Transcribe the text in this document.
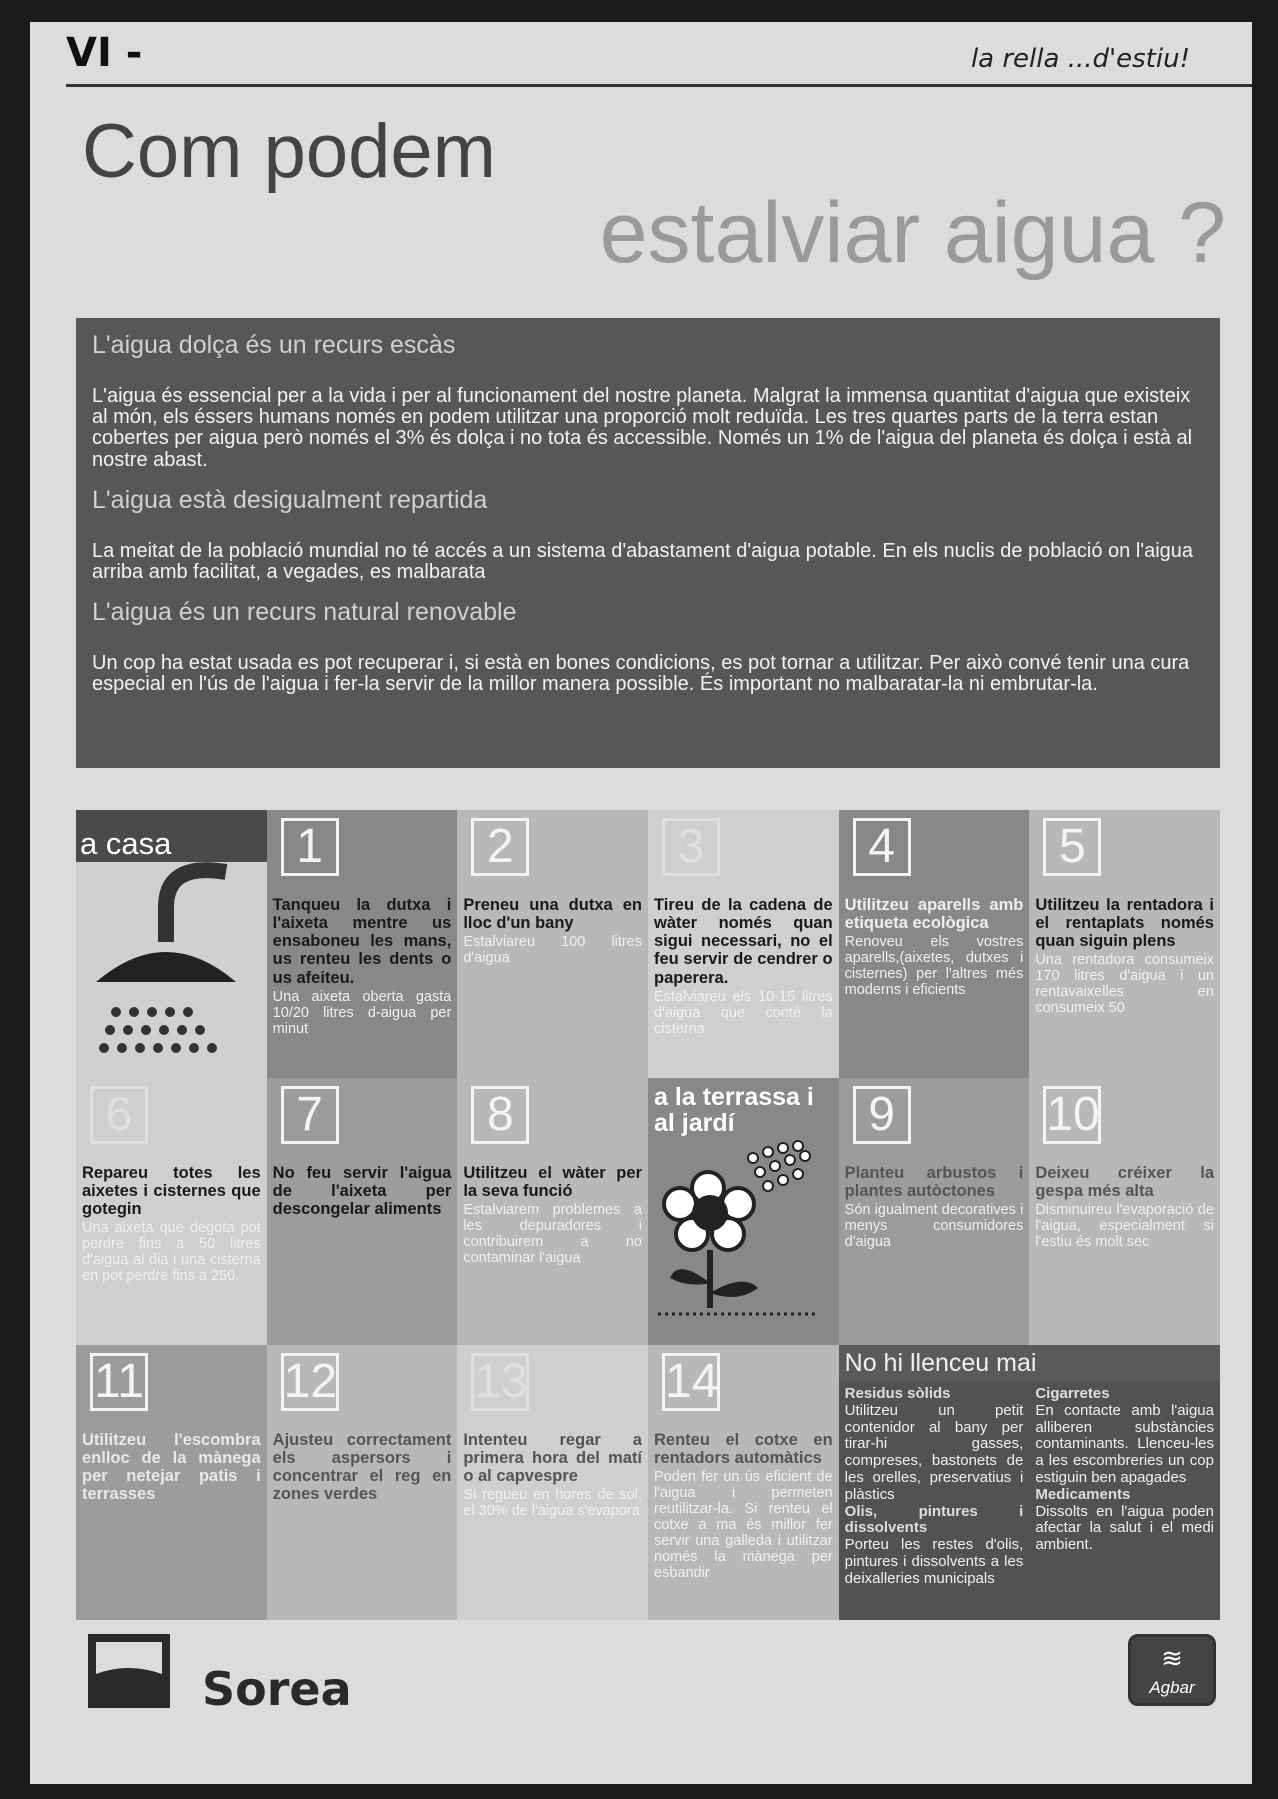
VI -	la rella ...d'estiu!
Com podem
estalviar aigua ?
L'aigua dolça és un recurs escàs

L'aigua és essencial per a la vida i per al funcionament del nostre planeta. Malgrat la immensa quantitat d'aigua que existeix al món, els éssers humans només en podem utilitzar una proporció molt reduïda. Les tres quartes parts de la terra estan cobertes per aigua però només el 3% és dolça i no tota és accessible. Només un 1% de l'aigua del planeta és dolça i està al nostre abast.

L'aigua està desigualment repartida

La meitat de la població mundial no té accés a un sistema d'abastament d'aigua potable. En els nuclis de població on l'aigua arriba amb facilitat, a vegades, es malbarata

L'aigua és un recurs natural renovable

Un cop ha estat usada es pot recuperar i, si està en bones condicions, es pot tornar a utilitzar. Per això convé tenir una cura especial en l'ús de l'aigua i fer-la servir de la millor manera possible. És important no malbaratar-la ni embrutar-la.

a casa	1
Tanqueu la dutxa i l'aixeta mentre us ensaboneu les mans, us renteu les dents o us afeiteu.
Una aixeta oberta gasta 10/20 litres d-aigua per minut
2
Preneu una dutxa en lloc d'un bany
Estalviareu 100 litres d'aigua
3
Tireu de la cadena de wàter només quan sigui necessari, no el feu servir de cendrer o paperera.
Estalviareu els 10-15 litres d'aigua que conté la cisterna
4
Utilitzeu aparells amb etiqueta ecològica
Renoveu els vostres aparells,(aixetes, dutxes i cisternes) per l'altres més moderns i eficients
5
Utilitzeu la rentadora i el rentaplats només quan siguin plens
Una rentadora consumeix 170 litres d'aigua i un rentavaixelles en consumeix 50
6
Repareu totes les aixetes i cisternes que gotegin
Una aixeta que degota pot perdre fins a 50 litres d'aigua al dia i una cisterna en pot perdre fins a 250.
7
No feu servir l'aigua de l'aixeta per descongelar aliments
8
Utilitzeu el wàter per la seva funció
Estalviarem problemes a les depuradores i contribuirem a no contaminar l'aigua
a la terrassa i al jardí	9
Planteu arbustos i plantes autòctones
Són igualment decoratives i menys consumidores d'aigua
10
Deixeu créixer la gespa més alta
Disminuireu l'evaporació de l'aigua, especialment si l'estiu és molt sec
11
Utilitzeu l'escombra enlloc de la mànega per netejar patis i terrasses
12
Ajusteu correctament els aspersors i concentrar el reg en zones verdes
13
Intenteu regar a primera hora del matí o al capvespre
Si regueu en hores de sol, el 30% de l'aigua s'evapora
14
Renteu el cotxe en rentadors automàtics
Poden fer un ús eficient de l'aigua i permeten reutilitzar-la. Si renteu el cotxe a ma és millor fer servir una galleda i utilitzar només la mànega per esbandir
No hi llenceu mai
Residus sòlids
Utilitzeu un petit contenidor al bany per tirar-hi gasses, compreses, bastonets de les orelles, preservatius i plàstics
Olis, pintures i dissolvents
Porteu les restes d'olis, pintures i dissolvents a les deixalleries municipals
Cigarretes
En contacte amb l'aigua alliberen substàncies contaminants. Llenceu-les a les escombreries un cop estiguin ben apagades
Medicaments
Dissolts en l'aigua poden afectar la salut i el medi ambient.
Sorea
≋
Agbar
